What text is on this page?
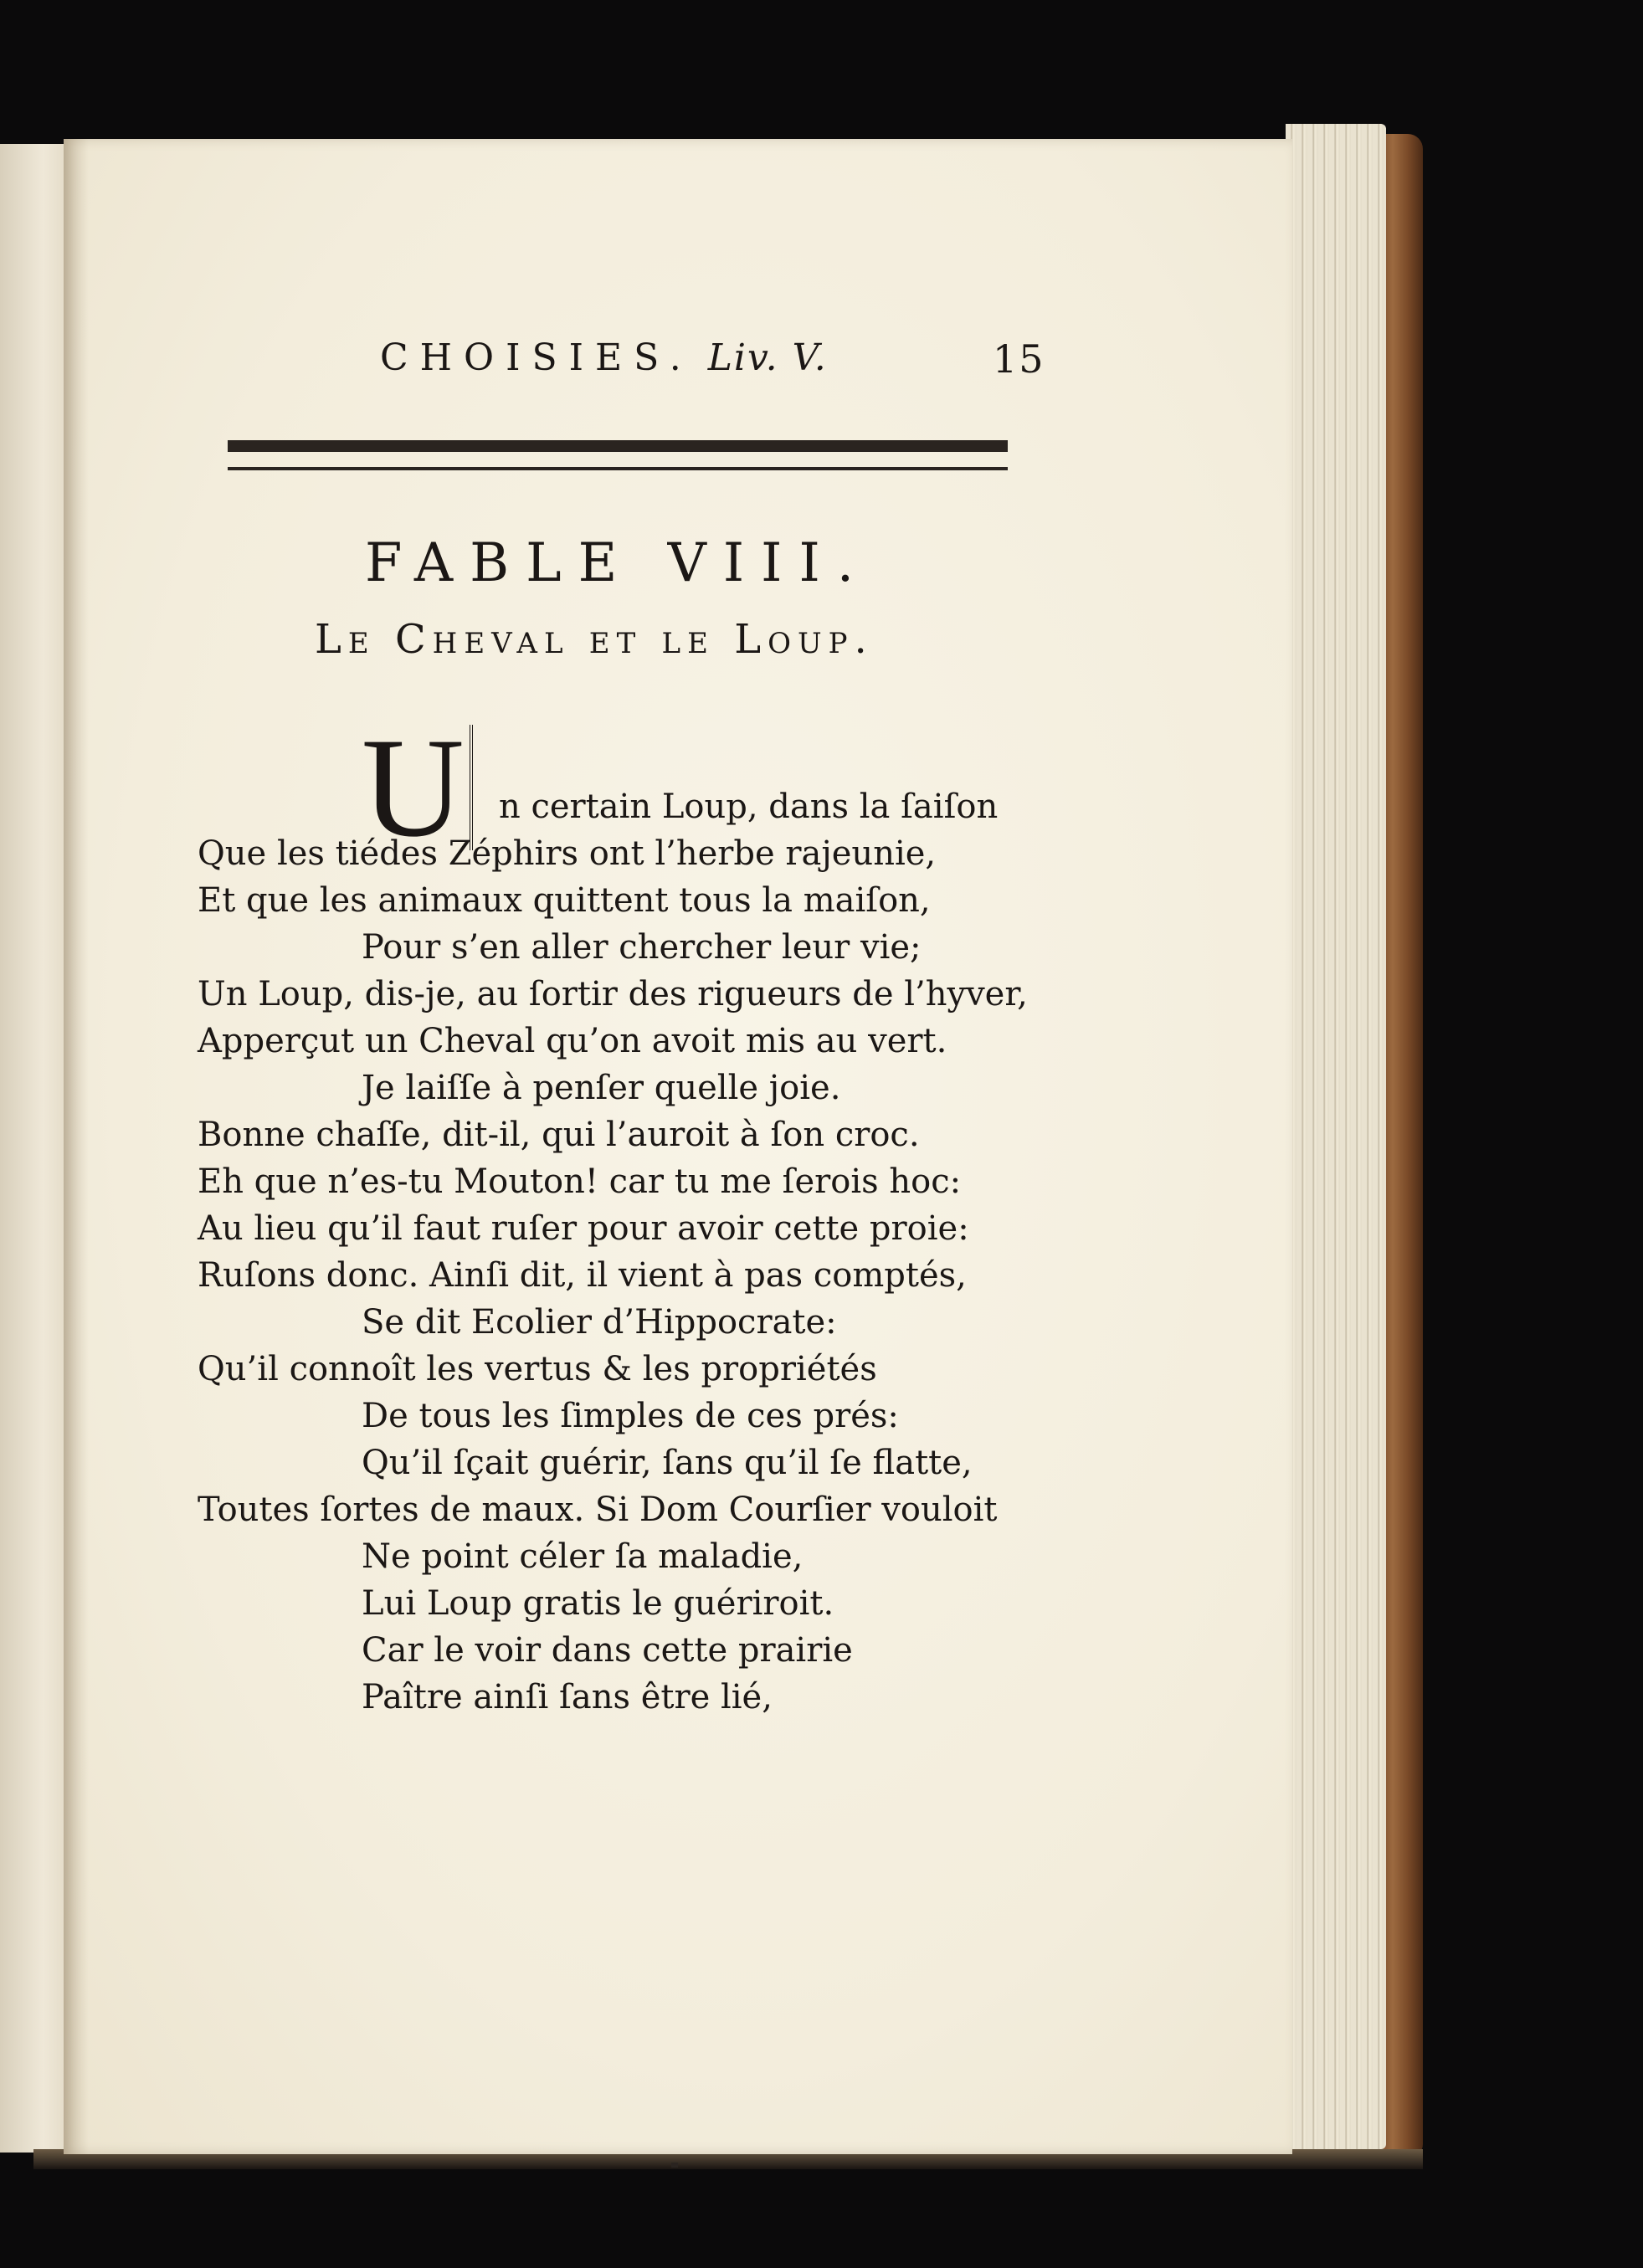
CHOISIES. Liv. V.	15
FABLE VIII.
Le Cheval et le Loup.
U	n certain Loup, dans la ſaiſon
Que les tiédes Zéphirs ont l’herbe rajeunie,
Et que les animaux quittent tous la maiſon,
Pour s’en aller chercher leur vie;
Un Loup, dis-je, au ſortir des rigueurs de l’hyver,
Apperçut un Cheval qu’on avoit mis au vert.
Je laiſſe à penſer quelle joie.
Bonne chaſſe, dit-il, qui l’auroit à ſon croc.
Eh que n’es-tu Mouton! car tu me ſerois hoc:
Au lieu qu’il faut ruſer pour avoir cette proie:
Ruſons donc. Ainſi dit, il vient à pas comptés,
Se dit Ecolier d’Hippocrate:
Qu’il connoît les vertus & les propriétés
De tous les ſimples de ces prés:
Qu’il ſçait guérir, ſans qu’il ſe flatte,
Toutes ſortes de maux. Si Dom Courſier vouloit
Ne point céler ſa maladie,
Lui Loup gratis le guériroit.
Car le voir dans cette prairie
Paître ainſi ſans être lié,
